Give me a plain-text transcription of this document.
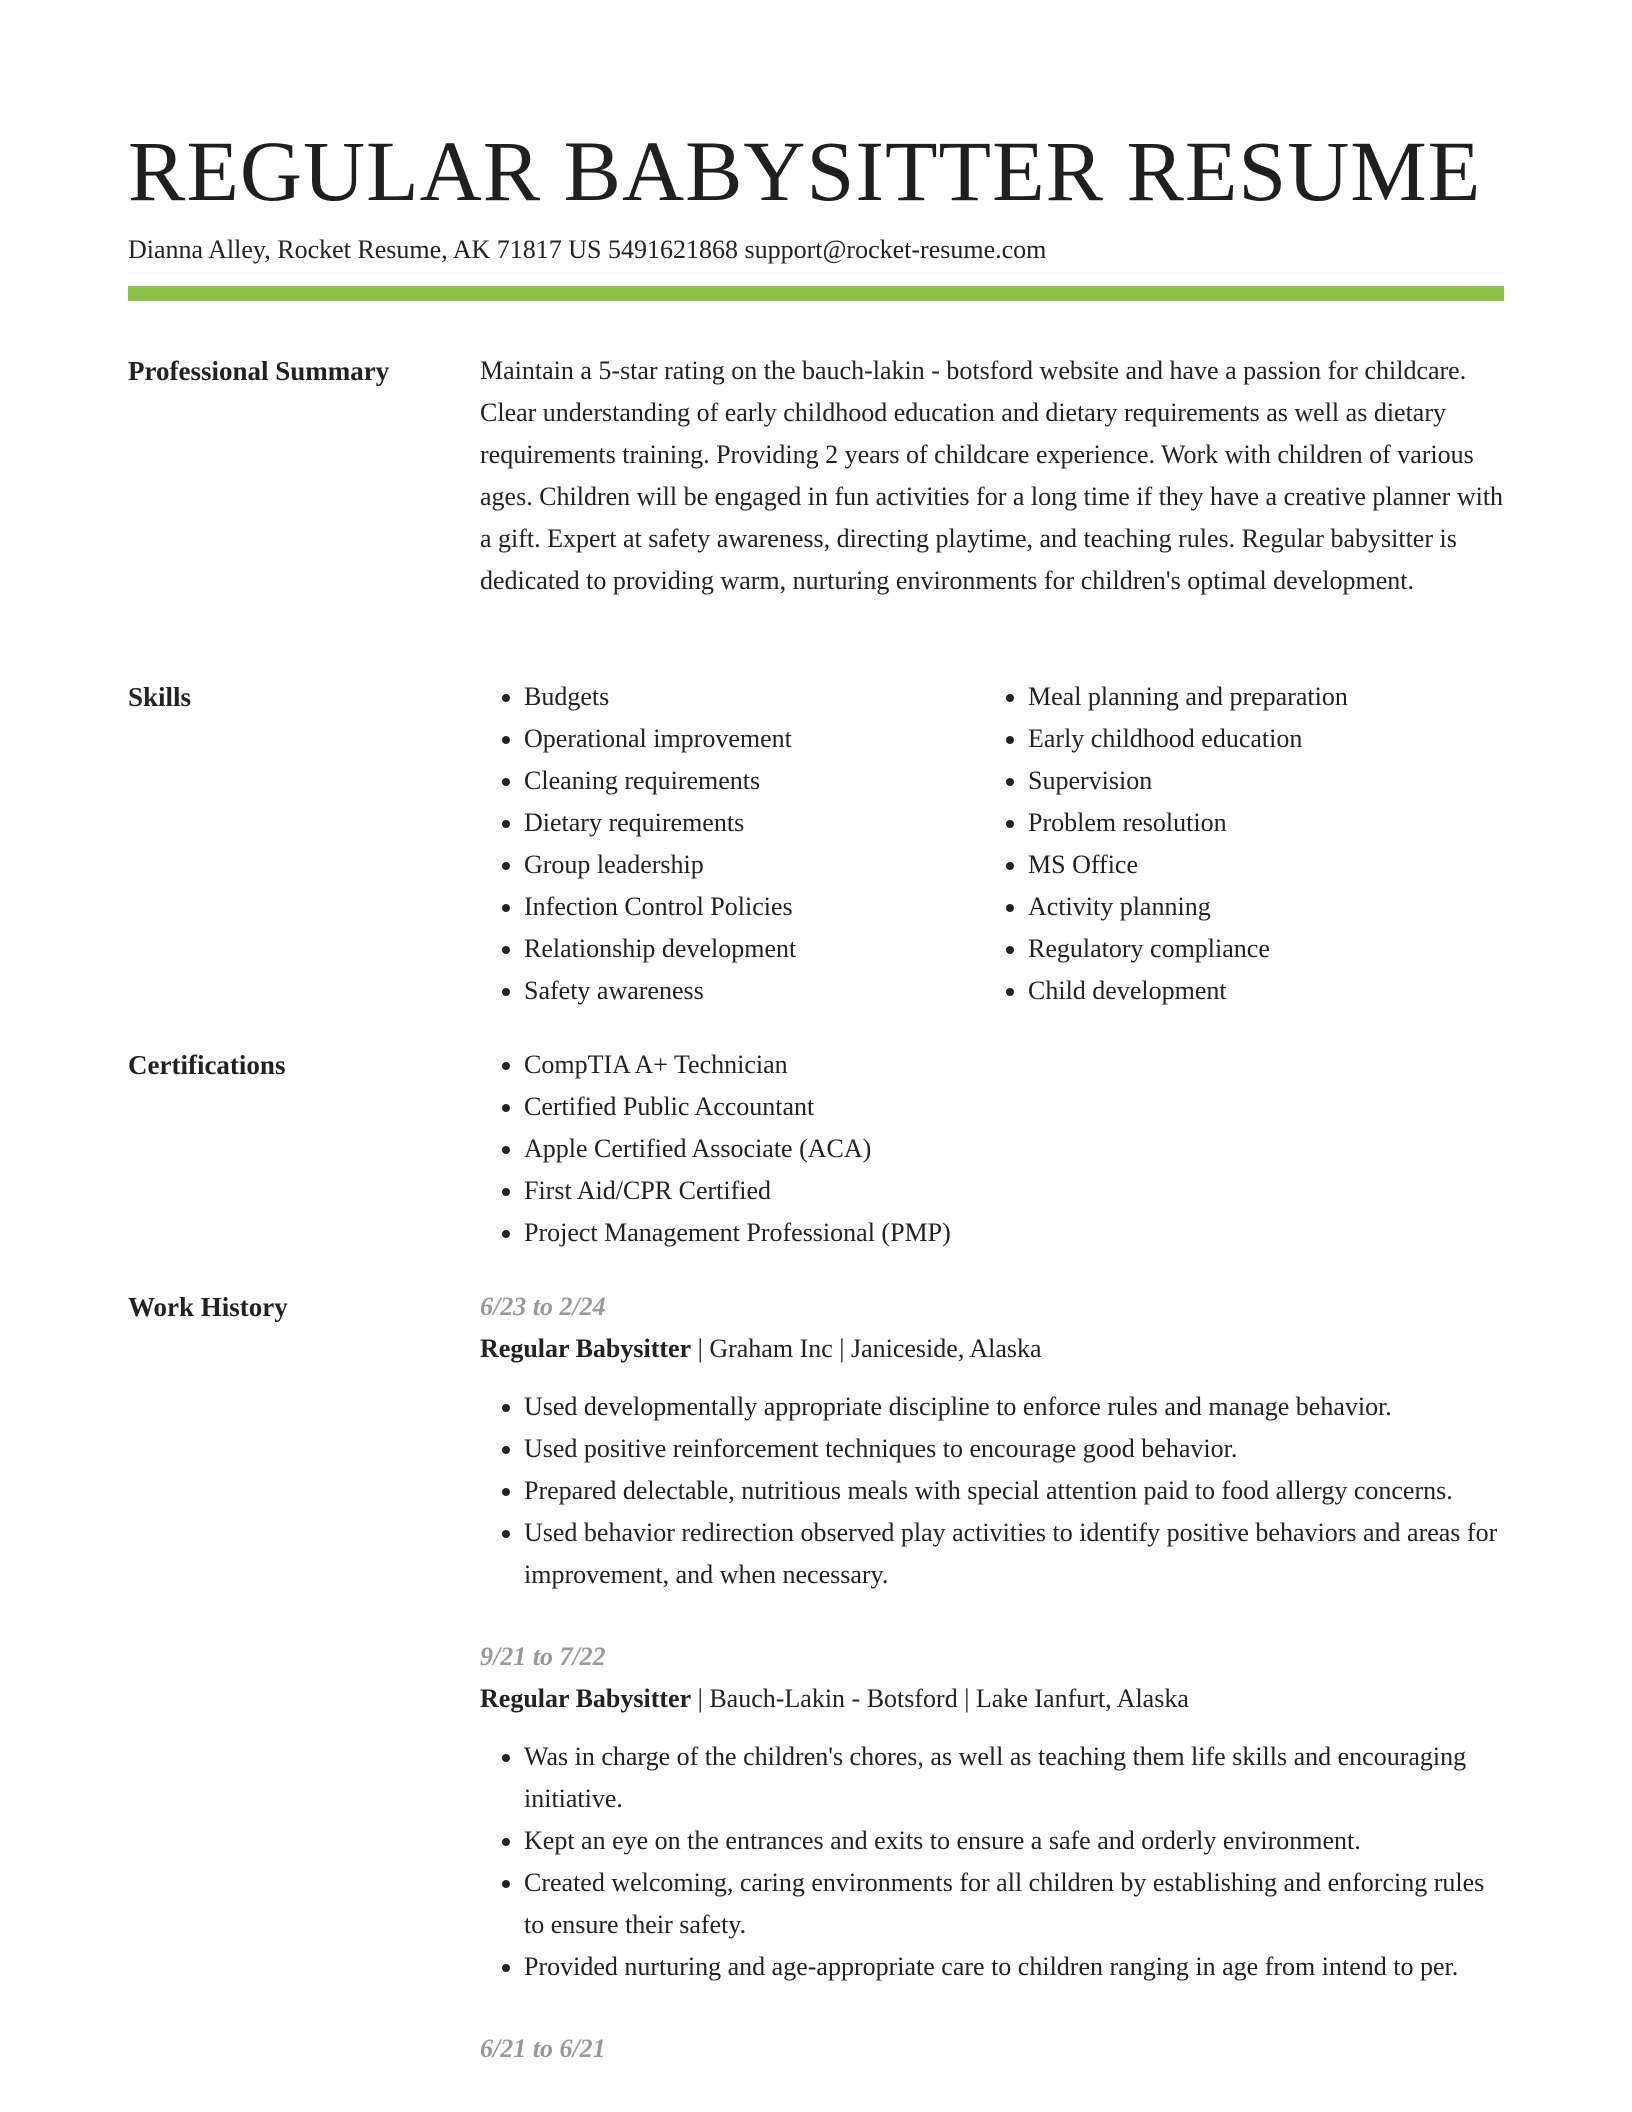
REGULAR BABYSITTER RESUME
Dianna Alley, Rocket Resume, AK 71817 US 5491621868 support@rocket-resume.com
Professional Summary	Maintain a 5-star rating on the bauch-lakin - botsford website and have a passion for childcare. Clear understanding of early childhood education and dietary requirements as well as dietary requirements training. Providing 2 years of childcare experience. Work with children of various ages. Children will be engaged in fun activities for a long time if they have a creative planner with a gift. Expert at safety awareness, directing playtime, and teaching rules. Regular babysitter is dedicated to providing warm, nurturing environments for children's optimal development.

Skills	• Budgets
• Operational improvement
• Cleaning requirements
• Dietary requirements
• Group leadership
• Infection Control Policies
• Relationship development
• Safety awareness
• Meal planning and preparation
• Early childhood education
• Supervision
• Problem resolution
• MS Office
• Activity planning
• Regulatory compliance
• Child development
Certifications	• CompTIA A+ Technician
• Certified Public Accountant
• Apple Certified Associate (ACA)
• First Aid/CPR Certified
• Project Management Professional (PMP)
Work History	6/23 to 2/24
Regular Babysitter | Graham Inc | Janiceside, Alaska
• Used developmentally appropriate discipline to enforce rules and manage behavior.
• Used positive reinforcement techniques to encourage good behavior.
• Prepared delectable, nutritious meals with special attention paid to food allergy concerns.
• Used behavior redirection observed play activities to identify positive behaviors and areas for improvement, and when necessary.
9/21 to 7/22
Regular Babysitter | Bauch-Lakin - Botsford | Lake Ianfurt, Alaska
• Was in charge of the children's chores, as well as teaching them life skills and encouraging initiative.
• Kept an eye on the entrances and exits to ensure a safe and orderly environment.
• Created welcoming, caring environments for all children by establishing and enforcing rules to ensure their safety.
• Provided nurturing and age-appropriate care to children ranging in age from intend to per.
6/21 to 6/21
